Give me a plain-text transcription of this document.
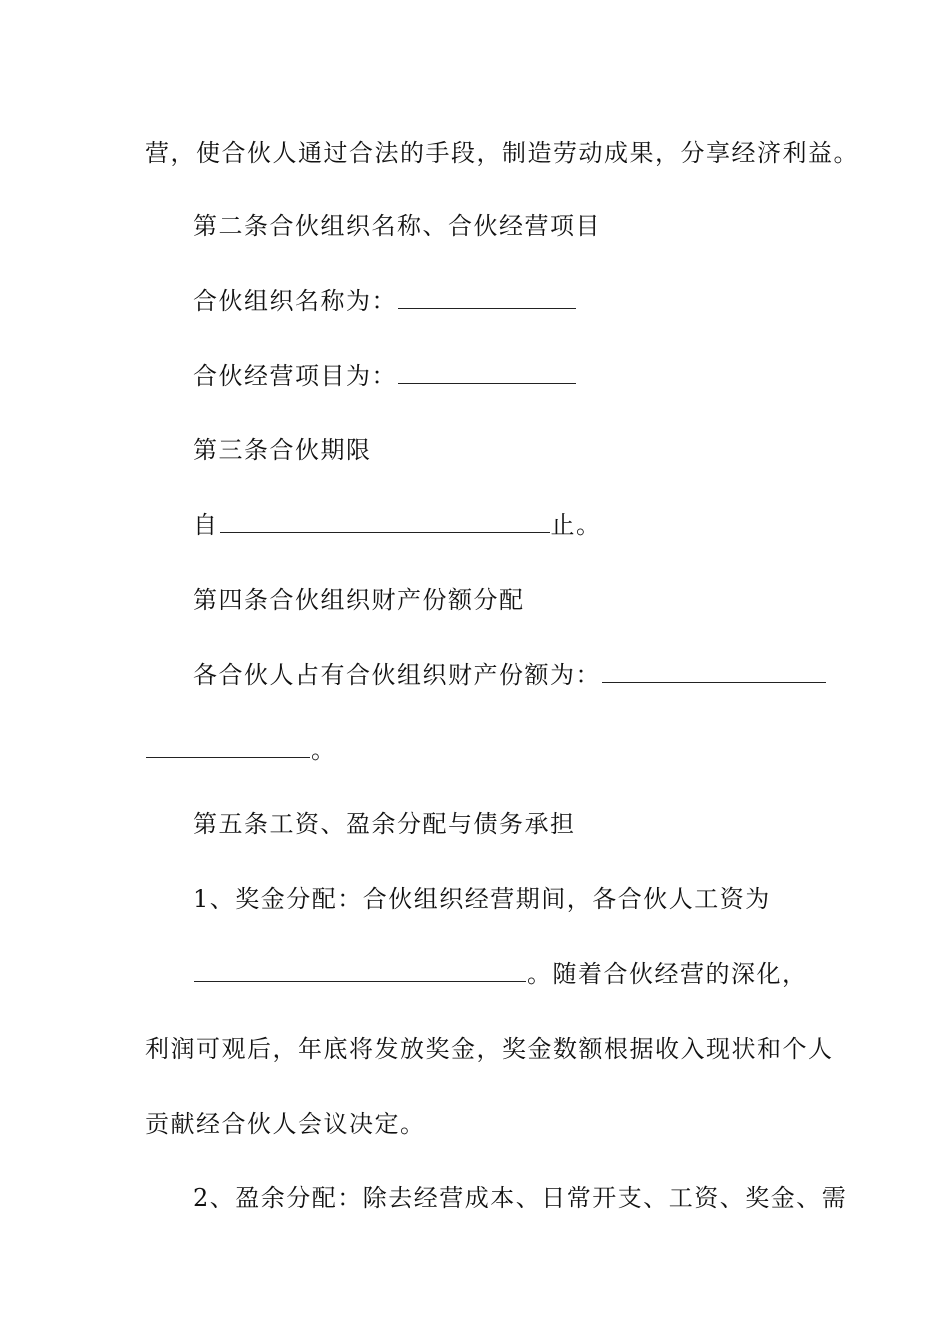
营，使合伙人通过合法的手段，制造劳动成果，分享经济利益。
第二条合伙组织名称、合伙经营项目
合伙组织名称为：
合伙经营项目为：
第三条合伙期限
自	止。
第四条合伙组织财产份额分配
各合伙人占有合伙组织财产份额为：
。
第五条工资、盈余分配与债务承担
1、奖金分配：合伙组织经营期间，各合伙人工资为
。随着合伙经营的深化，
利润可观后，年底将发放奖金，奖金数额根据收入现状和个人
贡献经合伙人会议决定。
2、盈余分配：除去经营成本、日常开支、工资、奖金、需
